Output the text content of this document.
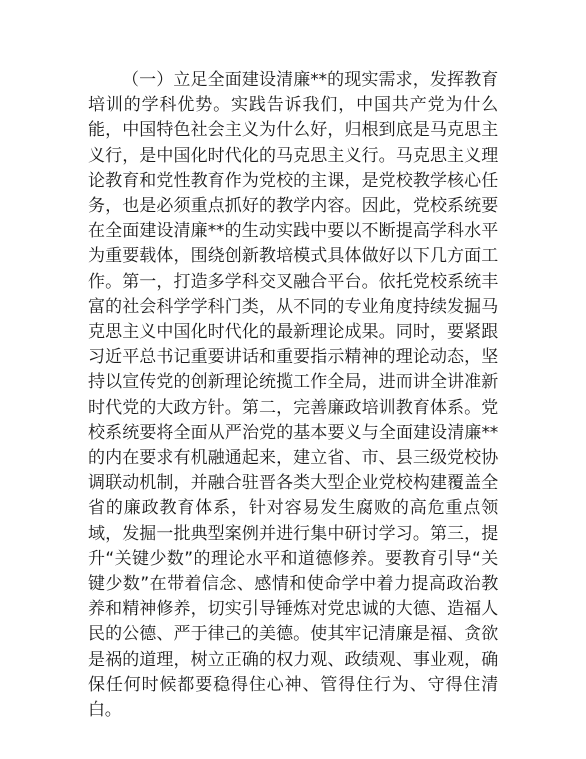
（一）立足全面建设清廉**的现实需求，发挥教育培训的学科优势。实践告诉我们，中国共产党为什么能，中国特色社会主义为什么好，归根到底是马克思主义行，是中国化时代化的马克思主义行。马克思主义理论教育和党性教育作为党校的主课，是党校教学核心任务，也是必须重点抓好的教学内容。因此，党校系统要在全面建设清廉**的生动实践中要以不断提高学科水平为重要载体，围绕创新教培模式具体做好以下几方面工作。第一，打造多学科交叉融合平台。依托党校系统丰富的社会科学学科门类，从不同的专业角度持续发掘马克思主义中国化时代化的最新理论成果。同时，要紧跟习近平总书记重要讲话和重要指示精神的理论动态，坚持以宣传党的创新理论统揽工作全局，进而讲全讲准新时代党的大政方针。第二，完善廉政培训教育体系。党校系统要将全面从严治党的基本要义与全面建设清廉**的内在要求有机融通起来，建立省、市、县三级党校协调联动机制，并融合驻晋各类大型企业党校构建覆盖全省的廉政教育体系，针对容易发生腐败的高危重点领域，发掘一批典型案例并进行集中研讨学习。第三，提升“关键少数”的理论水平和道德修养。要教育引导“关键少数”在带着信念、感情和使命学中着力提高政治教养和精神修养，切实引导锤炼对党忠诚的大德、造福人民的公德、严于律己的美德。使其牢记清廉是福、贪欲是祸的道理，树立正确的权力观、政绩观、事业观，确保任何时候都要稳得住心神、管得住行为、守得住清白。
